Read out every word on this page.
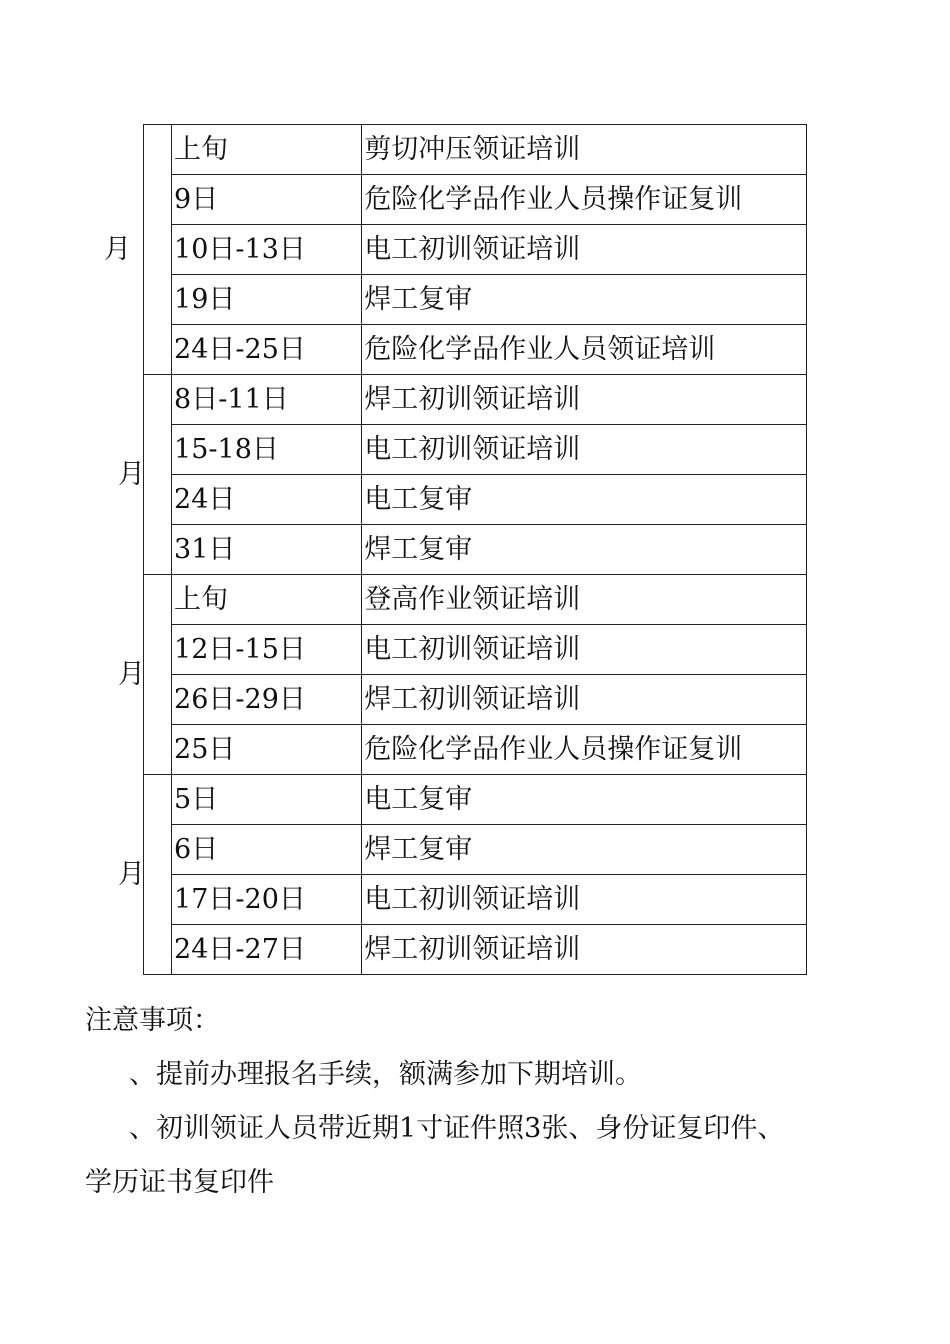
月	上旬	剪切冲压领证培训
	9日	危险化学品作业人员操作证复训
	10日-13日	电工初训领证培训
	19日	焊工复审
	24日-25日	危险化学品作业人员领证培训

月	8日-11日	焊工初训领证培训
	15-18日	电工初训领证培训
	24日	电工复审
	31日	焊工复审

月	上旬	登高作业领证培训
	12日-15日	电工初训领证培训
	26日-29日	焊工初训领证培训
	25日	危险化学品作业人员操作证复训

月	5日	电工复审
	6日	焊工复审
	17日-20日	电工初训领证培训
	24日-27日	焊工初训领证培训

注意事项：

、提前办理报名手续，额满参加下期培训。

、初训领证人员带近期1寸证件照3张、身份证复印件、

学历证书复印件
